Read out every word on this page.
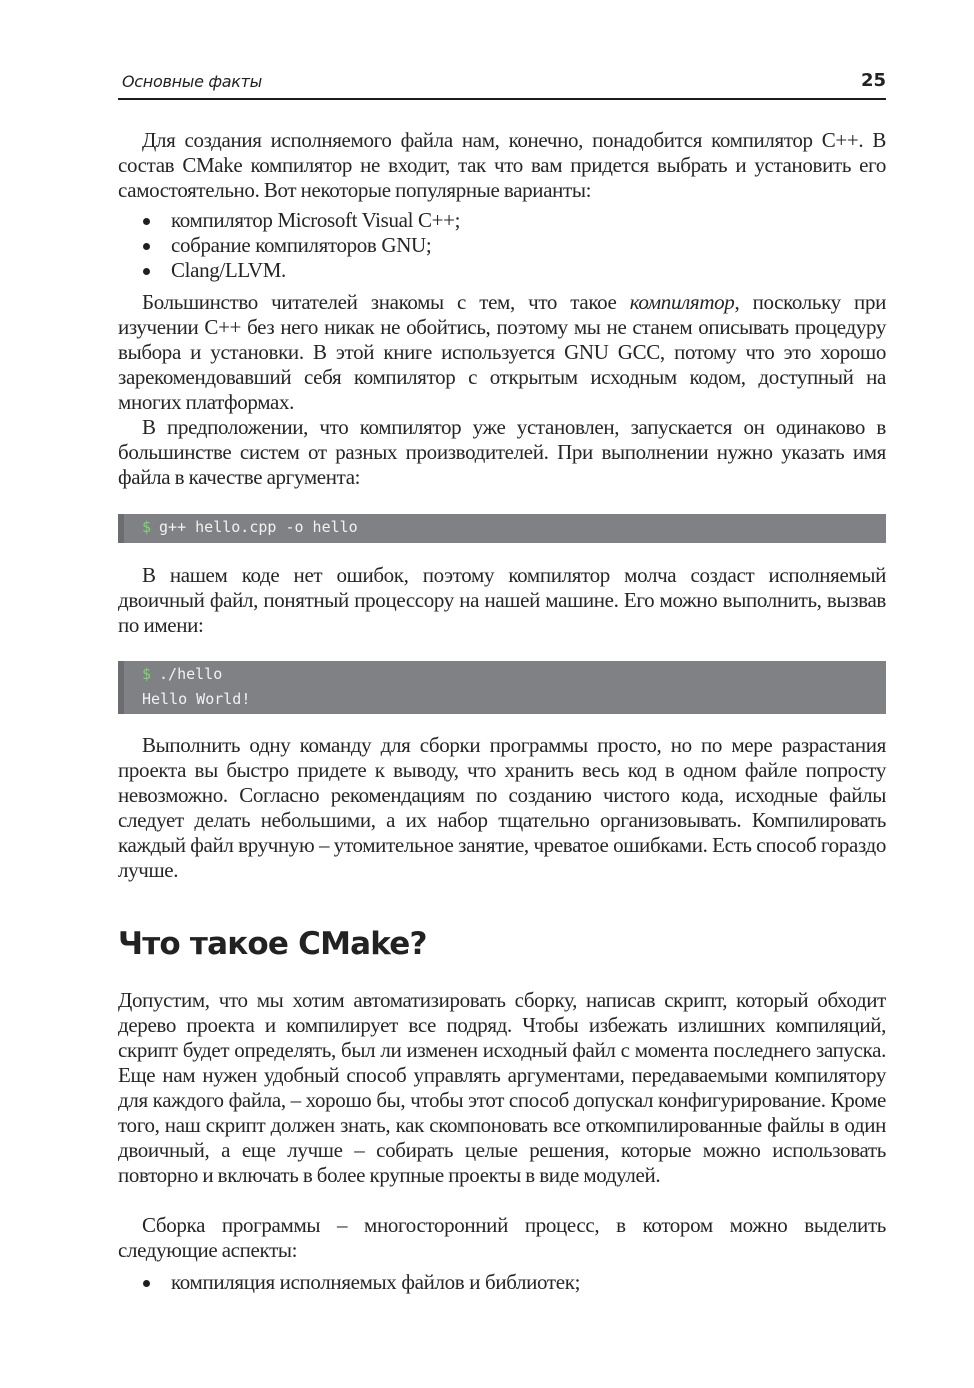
Основные факты	25

Для создания исполняемого файла нам, конечно, понадобится компилятор C++. В состав CMake компилятор не входит, так что вам придется выбрать и установить его самостоятельно. Вот некоторые популярные варианты:

компилятор Microsoft Visual C++;
собрание компиляторов GNU;
Clang/LLVM.

Большинство читателей знакомы с тем, что такое компилятор, поскольку при изучении C++ без него никак не обойтись, поэтому мы не станем описывать процедуру выбора и установки. В этой книге используется GNU GCC, потому что это хорошо зарекомендовавший себя компилятор с открытым исходным кодом, доступный на многих платформах.

В предположении, что компилятор уже установлен, запускается он одинаково в большинстве систем от разных производителей. При выполнении нужно указать имя файла в качестве аргумента:

$ g++ hello.cpp -o hello

В нашем коде нет ошибок, поэтому компилятор молча создаст исполняемый двоичный файл, понятный процессору на нашей машине. Его можно выполнить, вызвав по имени:

$ ./hello
Hello World!

Выполнить одну команду для сборки программы просто, но по мере разрастания проекта вы быстро придете к выводу, что хранить весь код в одном файле попросту невозможно. Согласно рекомендациям по созданию чистого кода, исходные файлы следует делать небольшими, а их набор тщательно организовывать. Компилировать каждый файл вручную – утомительное занятие, чреватое ошибками. Есть способ гораздо лучше.

Что такое CMake?

Допустим, что мы хотим автоматизировать сборку, написав скрипт, который обходит дерево проекта и компилирует все подряд. Чтобы избежать излишних компиляций, скрипт будет определять, был ли изменен исходный файл с момента последнего запуска. Еще нам нужен удобный способ управлять аргументами, передаваемыми компилятору для каждого файла, – хорошо бы, чтобы этот способ допускал конфигурирование. Кроме того, наш скрипт должен знать, как скомпоновать все откомпилированные файлы в один двоичный, а еще лучше – собирать целые решения, которые можно использовать повторно и включать в более крупные проекты в виде модулей.

Сборка программы – многосторонний процесс, в котором можно выделить следующие аспекты:

компиляция исполняемых файлов и библиотек;
